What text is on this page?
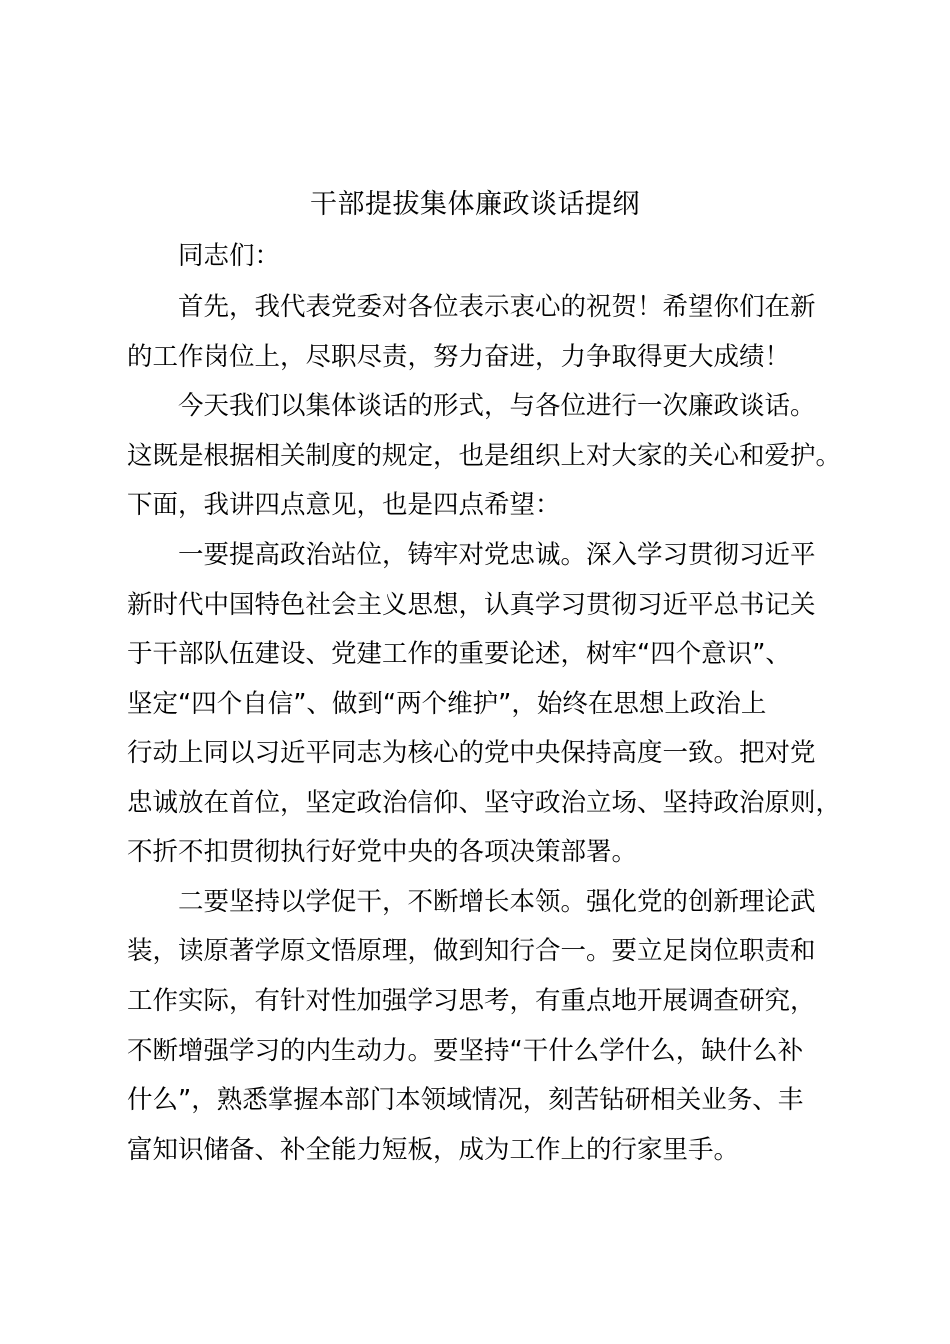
干部提拔集体廉政谈话提纲
同志们：
首先，我代表党委对各位表示衷心的祝贺！希望你们在新
的工作岗位上，尽职尽责，努力奋进，力争取得更大成绩！
今天我们以集体谈话的形式，与各位进行一次廉政谈话。
这既是根据相关制度的规定，也是组织上对大家的关心和爱护。
下面，我讲四点意见，也是四点希望：
一要提高政治站位，铸牢对党忠诚。深入学习贯彻习近平
新时代中国特色社会主义思想，认真学习贯彻习近平总书记关
于干部队伍建设、党建工作的重要论述，树牢“四个意识”、
坚定“四个自信”、做到“两个维护”，始终在思想上政治上
行动上同以习近平同志为核心的党中央保持高度一致。把对党
忠诚放在首位，坚定政治信仰、坚守政治立场、坚持政治原则，
不折不扣贯彻执行好党中央的各项决策部署。
二要坚持以学促干，不断增长本领。强化党的创新理论武
装，读原著学原文悟原理，做到知行合一。要立足岗位职责和
工作实际，有针对性加强学习思考，有重点地开展调查研究，
不断增强学习的内生动力。要坚持“干什么学什么，缺什么补
什么”，熟悉掌握本部门本领域情况，刻苦钻研相关业务、丰
富知识储备、补全能力短板，成为工作上的行家里手。
